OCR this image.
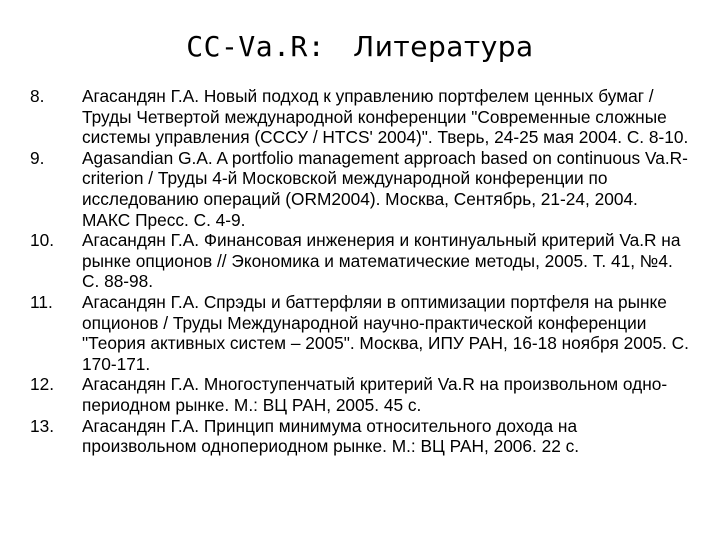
CC-Va.R: Литература
8.	Агасандян Г.А. Новый подход к управлению портфелем ценных бумаг / Труды Четвертой международной конференции "Современные сложные системы управления (СССУ / HTCS' 2004)". Тверь, 24-25 мая 2004. С. 8-10.
9.	Agasandian G.A. A portfolio management approach based on continuous Va.R-criterion / Труды 4-й Московской международной конференции по исследованию операций (ORM2004). Москва, Сентябрь, 21-24, 2004. МАКС Пресс. С. 4-9.
10.	Агасандян Г.А. Финансовая инженерия и континуальный критерий Va.R на рынке опционов // Экономика и математические методы, 2005. Т. 41, №4. С. 88-98.
11.	Агасандян Г.А. Спрэды и баттерфляи в оптимизации портфеля на рынке опционов / Труды Международной научно-практической конференции "Теория активных систем – 2005". Москва, ИПУ РАН, 16-18 ноября 2005. С. 170-171.
12.	Агасандян Г.А. Многоступенчатый критерий Va.R на произвольном однопериодном рынке. М.: ВЦ РАН, 2005. 45 с.
13.	Агасандян Г.А. Принцип минимума относительного дохода на произвольном однопериодном рынке. М.: ВЦ РАН, 2006. 22 с.
